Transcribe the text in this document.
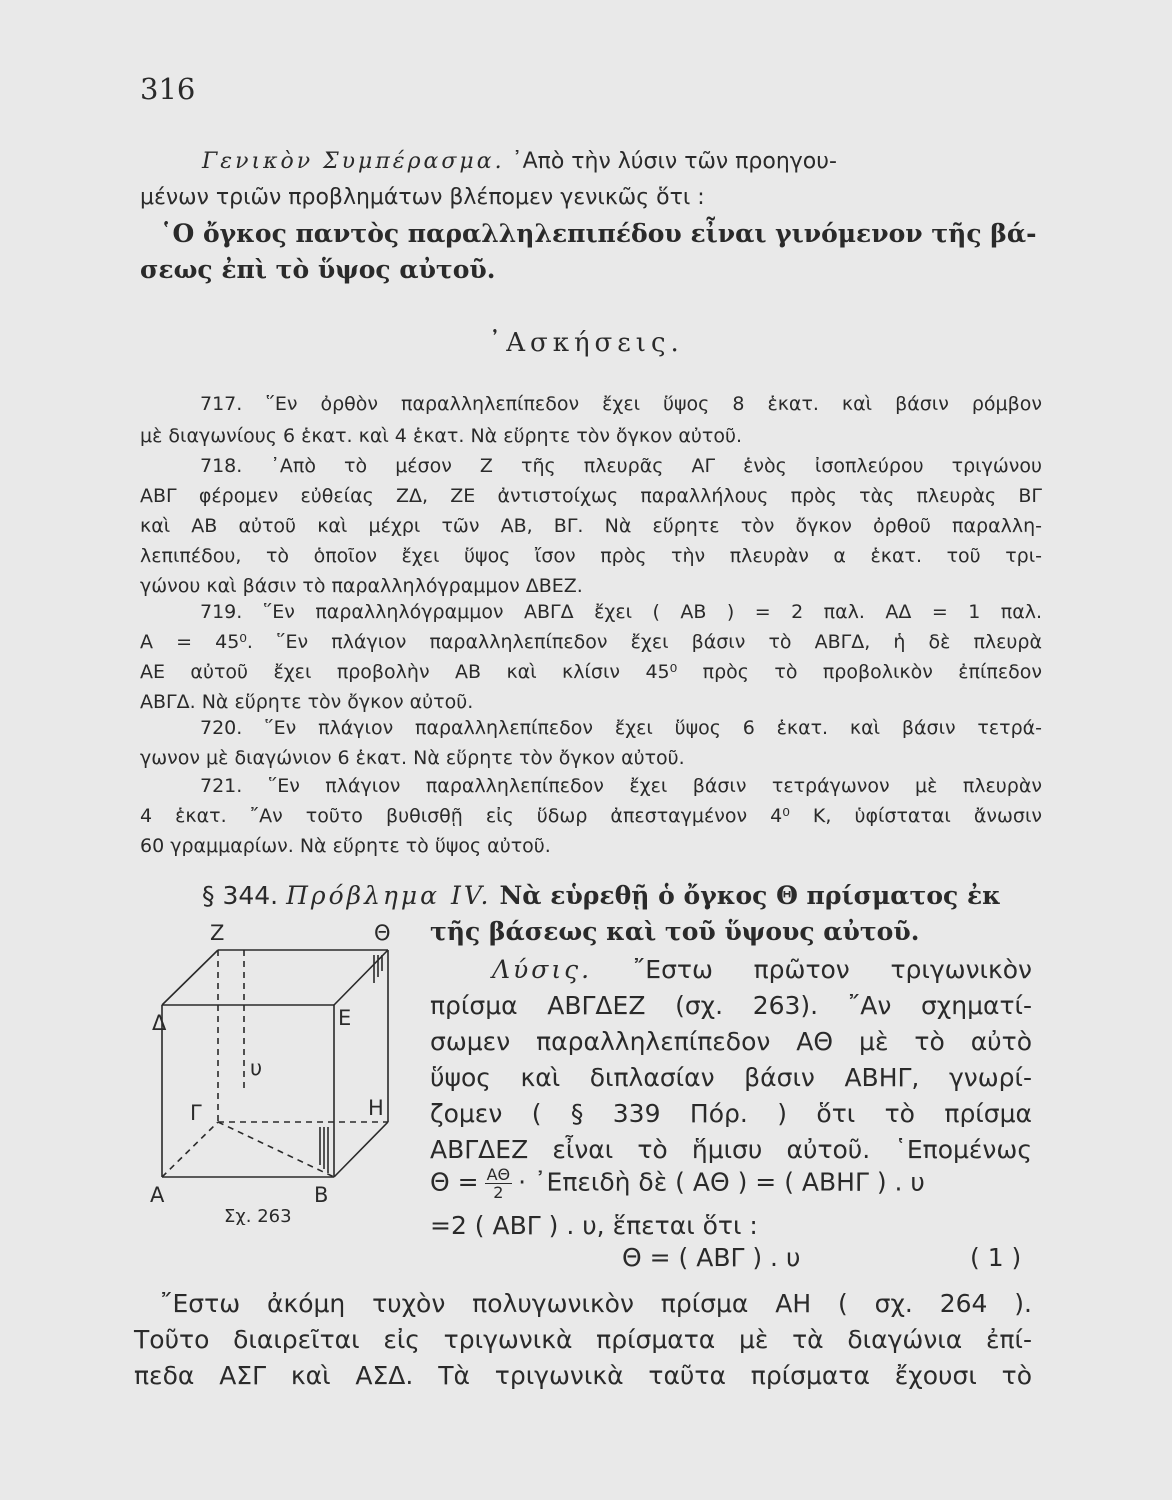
316
Γενικὸν Συμπέρασμα. ᾿Απὸ τὴν λύσιν τῶν προηγου-
μένων τριῶν προβλημάτων βλέπομεν γενικῶς ὅτι :
῾Ο ὄγκος παντὸς παραλληλεπιπέδου εἶναι γινόμενον τῆς βά-
σεως ἐπὶ τὸ ὕψος αὐτοῦ.
᾿Ασκήσεις.
717. ῞Εν ὀρθὸν παραλληλεπίπεδον ἔχει ὕψος 8 ἑκατ. καὶ βάσιν ρόμβον
μὲ διαγωνίους 6 ἑκατ. καὶ 4 ἑκατ. Νὰ εὕρητε τὸν ὄγκον αὐτοῦ.
718. ᾿Απὸ τὸ μέσον Ζ τῆς πλευρᾶς ΑΓ ἑνὸς ἰσοπλεύρου τριγώνου
ΑΒΓ φέρομεν εὐθείας ΖΔ, ΖΕ ἀντιστοίχως παραλλήλους πρὸς τὰς πλευρὰς ΒΓ
καὶ ΑΒ αὐτοῦ καὶ μέχρι τῶν ΑΒ, ΒΓ. Νὰ εὕρητε τὸν ὄγκον ὀρθοῦ παραλλη-
λεπιπέδου, τὸ ὁποῖον ἔχει ὕψος ἴσον πρὸς τὴν πλευρὰν α ἑκατ. τοῦ τρι-
γώνου καὶ βάσιν τὸ παραλληλόγραμμον ΔΒΕΖ.
719. ῞Εν παραλληλόγραμμον ΑΒΓΔ ἔχει ( ΑΒ ) = 2 παλ. ΑΔ = 1 παλ.
Α = 45⁰. ῞Εν πλάγιον παραλληλεπίπεδον ἔχει βάσιν τὸ ΑΒΓΔ, ἡ δὲ πλευρὰ
ΑΕ αὐτοῦ ἔχει προβολὴν ΑΒ καὶ κλίσιν 45⁰ πρὸς τὸ προβολικὸν ἐπίπεδον
ΑΒΓΔ. Νὰ εὕρητε τὸν ὄγκον αὐτοῦ.
720. ῞Εν πλάγιον παραλληλεπίπεδον ἔχει ὕψος 6 ἑκατ. καὶ βάσιν τετρά-
γωνον μὲ διαγώνιον 6 ἑκατ. Νὰ εὕρητε τὸν ὄγκον αὐτοῦ.
721. ῞Εν πλάγιον παραλληλεπίπεδον ἔχει βάσιν τετράγωνον μὲ πλευρὰν
4 ἑκατ. ῎Αν τοῦτο βυθισθῇ εἰς ὕδωρ ἀπεσταγμένον 4⁰ Κ, ὑφίσταται ἄνωσιν
60 γραμμαρίων. Νὰ εὕρητε τὸ ὕψος αὐτοῦ.
§ 344. Πρόβλημα IV. Νὰ εὑρεθῇ ὁ ὄγκος Θ πρίσματος ἐκ
τῆς βάσεως καὶ τοῦ ὕψους αὐτοῦ.
Λύσις. ῎Εστω πρῶτον τριγωνικὸν
πρίσμα ΑΒΓΔΕΖ (σχ. 263). ῎Αν σχηματί-
σωμεν παραλληλεπίπεδον ΑΘ μὲ τὸ αὐτὸ
ὕψος καὶ διπλασίαν βάσιν ΑΒΗΓ, γνωρί-
ζομεν ( § 339 Πόρ. ) ὅτι τὸ πρίσμα
ΑΒΓΔΕΖ εἶναι τὸ ἥμισυ αὐτοῦ. ῾Επομένως
$\Theta = \frac{A\Theta}{2}$ · ᾿Επειδὴ δὲ ( ΑΘ ) = ( ΑΒΗΓ ) . υ
=2 ( ΑΒΓ ) . υ, ἕπεται ὅτι :
Θ = ( ΑΒΓ ) . υ	( 1 )
῎Εστω ἀκόμη τυχὸν πολυγωνικὸν πρίσμα ΑΗ ( σχ. 264 ).
Τοῦτο διαιρεῖται εἰς τριγωνικὰ πρίσματα μὲ τὰ διαγώνια ἐπί-
πεδα ΑΣΓ καὶ ΑΣΔ. Τὰ τριγωνικὰ ταῦτα πρίσματα ἔχουσι τὸ
Z	Θ
Δ	E
υ
Γ	H
A	B
Σχ. 263
